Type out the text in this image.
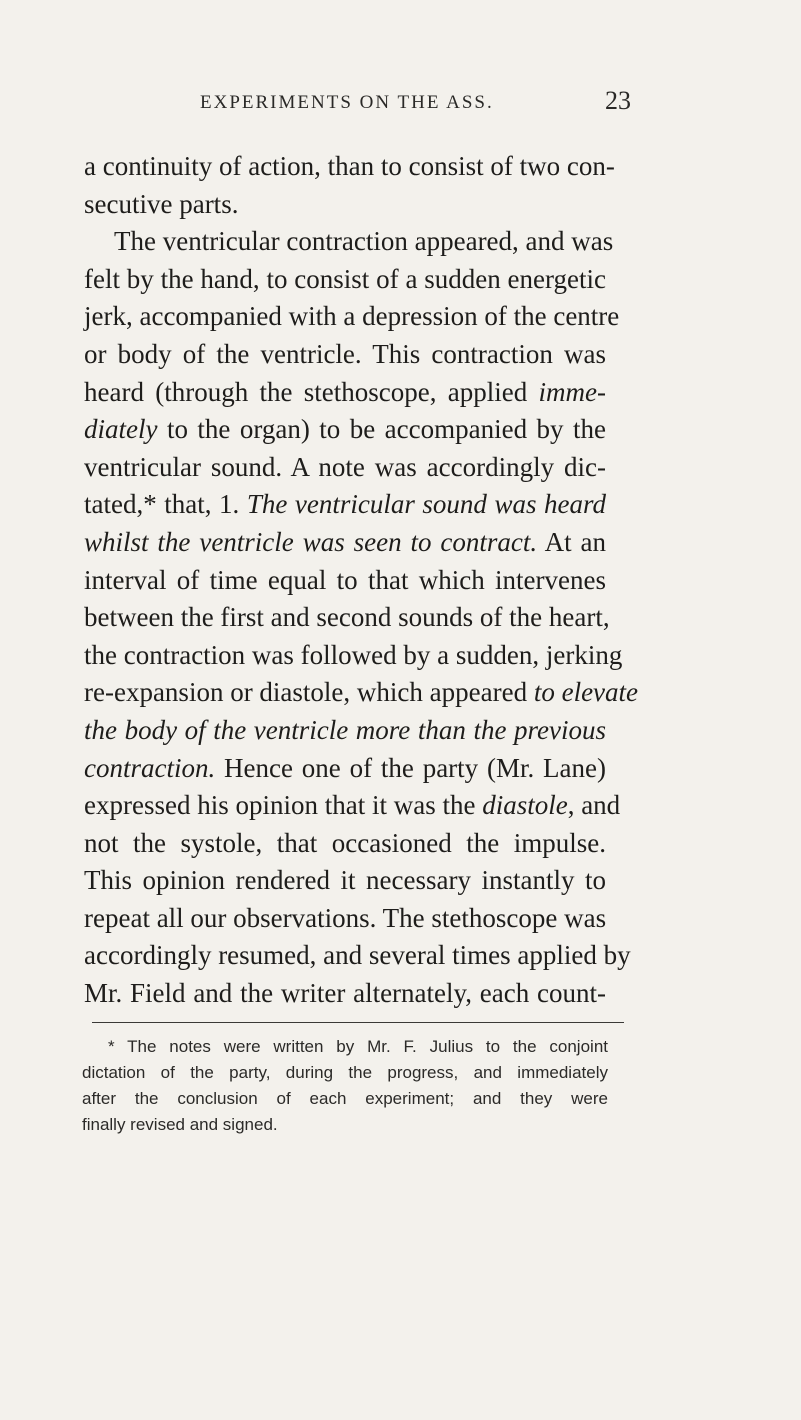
EXPERIMENTS ON THE ASS.	23
a continuity of action, than to consist of two con-
secutive parts.
The ventricular contraction appeared, and was
felt by the hand, to consist of a sudden energetic
jerk, accompanied with a depression of the centre
or body of the ventricle. This contraction was
heard (through the stethoscope, applied imme-
diately to the organ) to be accompanied by the
ventricular sound. A note was accordingly dic-
tated,* that, 1. The ventricular sound was heard
whilst the ventricle was seen to contract. At an
interval of time equal to that which intervenes
between the first and second sounds of the heart,
the contraction was followed by a sudden, jerking
re-expansion or diastole, which appeared to elevate
the body of the ventricle more than the previous
contraction. Hence one of the party (Mr. Lane)
expressed his opinion that it was the diastole, and
not the systole, that occasioned the impulse.
This opinion rendered it necessary instantly to
repeat all our observations. The stethoscope was
accordingly resumed, and several times applied by
Mr. Field and the writer alternately, each count-
* The notes were written by Mr. F. Julius to the conjoint
dictation of the party, during the progress, and immediately
after the conclusion of each experiment; and they were
finally revised and signed.
